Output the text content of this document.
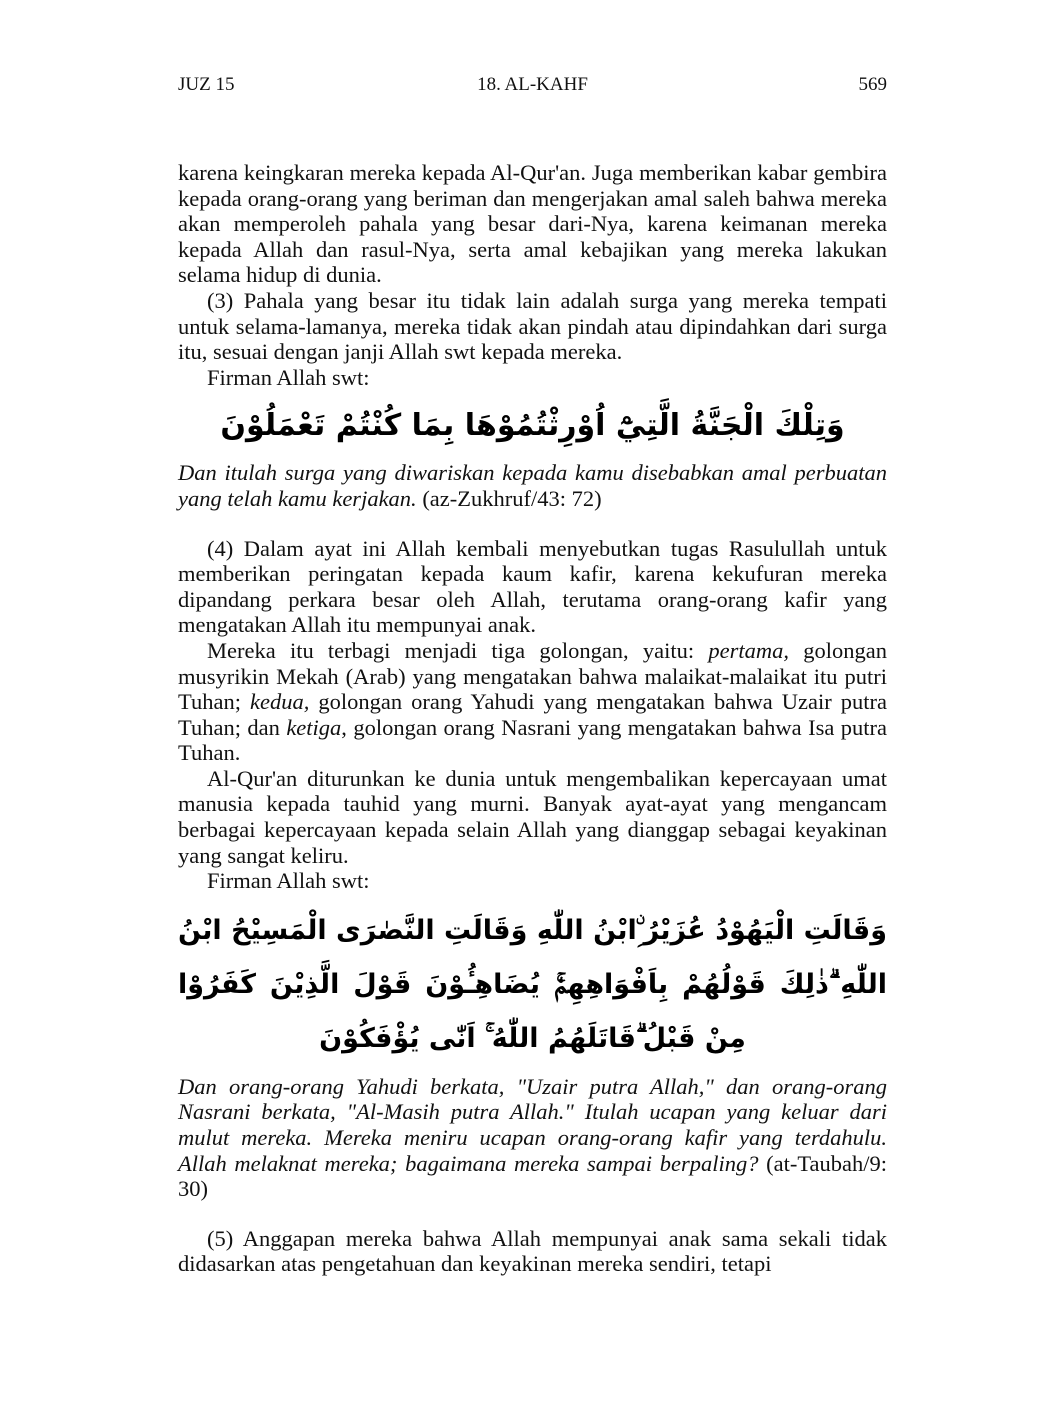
18. AL-KAHF
JUZ 15	569

karena keingkaran mereka kepada Al-Qur'an. Juga memberikan kabar gembira kepada orang-orang yang beriman dan mengerjakan amal saleh bahwa mereka akan memperoleh pahala yang besar dari-Nya, karena keimanan mereka kepada Allah dan rasul-Nya, serta amal kebajikan yang mereka lakukan selama hidup di dunia.

(3) Pahala yang besar itu tidak lain adalah surga yang mereka tempati untuk selama-lamanya, mereka tidak akan pindah atau dipindahkan dari surga itu, sesuai dengan janji Allah swt kepada mereka.

Firman Allah swt:

وَتِلْكَ الْجَنَّةُ الَّتِيْٓ اُوْرِثْتُمُوْهَا بِمَا كُنْتُمْ تَعْمَلُوْنَ

Dan itulah surga yang diwariskan kepada kamu disebabkan amal perbuatan yang telah kamu kerjakan. (az-Zukhruf/43: 72)

(4) Dalam ayat ini Allah kembali menyebutkan tugas Rasulullah untuk memberikan peringatan kepada kaum kafir, karena kekufuran mereka dipandang perkara besar oleh Allah, terutama orang-orang kafir yang mengatakan Allah itu mempunyai anak.

Mereka itu terbagi menjadi tiga golongan, yaitu: pertama, golongan musyrikin Mekah (Arab) yang mengatakan bahwa malaikat-malaikat itu putri Tuhan; kedua, golongan orang Yahudi yang mengatakan bahwa Uzair putra Tuhan; dan ketiga, golongan orang Nasrani yang mengatakan bahwa Isa putra Tuhan.

Al-Qur'an diturunkan ke dunia untuk mengembalikan kepercayaan umat manusia kepada tauhid yang murni. Banyak ayat-ayat yang mengancam berbagai kepercayaan kepada selain Allah yang dianggap sebagai keyakinan yang sangat keliru.

Firman Allah swt:

وَقَالَتِ الْيَهُوْدُ عُزَيْرُ ِۨابْنُ اللّٰهِ وَقَالَتِ النَّصٰرَى الْمَسِيْحُ ابْنُ اللّٰهِ ۗذٰلِكَ قَوْلُهُمْ بِاَفْوَاهِهِمْۚ يُضَاهِـُٔوْنَ قَوْلَ الَّذِيْنَ كَفَرُوْا مِنْ قَبْلُ ۗقَاتَلَهُمُ اللّٰهُ ۚ اَنّٰى يُؤْفَكُوْنَ

Dan orang-orang Yahudi berkata, "Uzair putra Allah," dan orang-orang Nasrani berkata, "Al-Masih putra Allah." Itulah ucapan yang keluar dari mulut mereka. Mereka meniru ucapan orang-orang kafir yang terdahulu. Allah melaknat mereka; bagaimana mereka sampai berpaling? (at-Taubah/9: 30)

(5) Anggapan mereka bahwa Allah mempunyai anak sama sekali tidak didasarkan atas pengetahuan dan keyakinan mereka sendiri, tetapi
